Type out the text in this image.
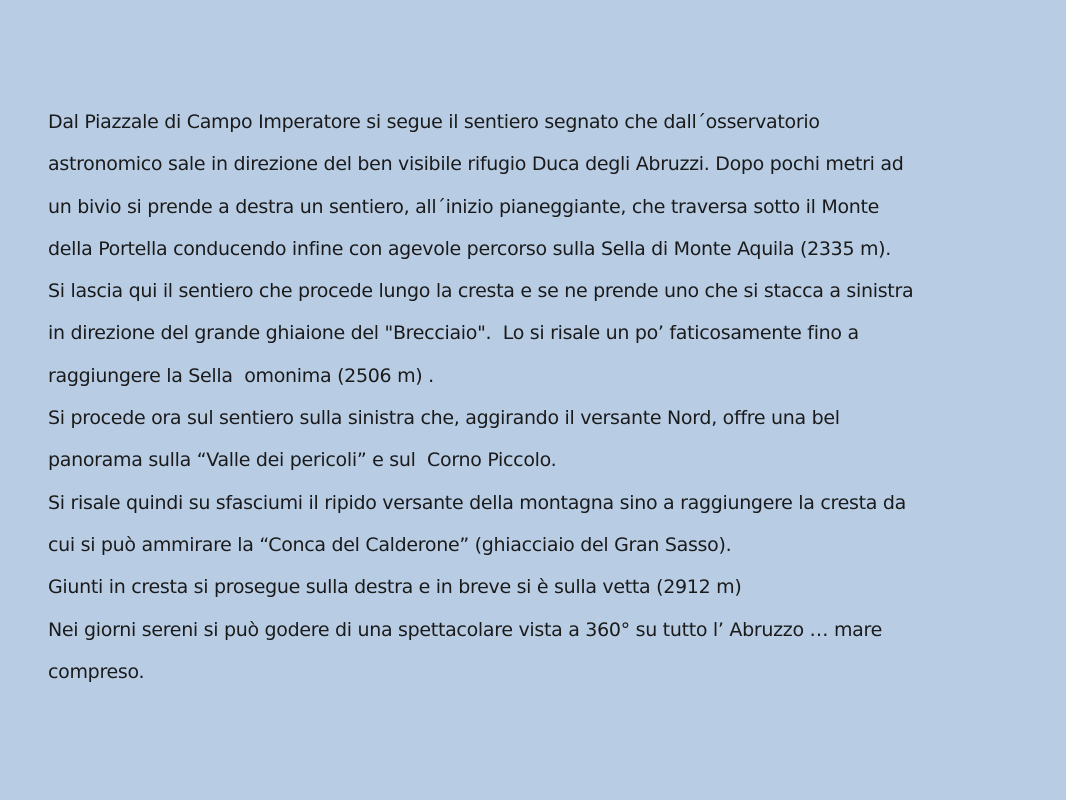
Dal Piazzale di Campo Imperatore si segue il sentiero segnato che dall´osservatorio
astronomico sale in direzione del ben visibile rifugio Duca degli Abruzzi. Dopo pochi metri ad
un bivio si prende a destra un sentiero, all´inizio pianeggiante, che traversa sotto il Monte
della Portella conducendo infine con agevole percorso sulla Sella di Monte Aquila (2335 m).
Si lascia qui il sentiero che procede lungo la cresta e se ne prende uno che si stacca a sinistra
in direzione del grande ghiaione del "Brecciaio".  Lo si risale un po’ faticosamente fino a
raggiungere la Sella  omonima (2506 m) .
Si procede ora sul sentiero sulla sinistra che, aggirando il versante Nord, offre una bel
panorama sulla “Valle dei pericoli” e sul  Corno Piccolo.
Si risale quindi su sfasciumi il ripido versante della montagna sino a raggiungere la cresta da
cui si può ammirare la “Conca del Calderone” (ghiacciaio del Gran Sasso).
Giunti in cresta si prosegue sulla destra e in breve si è sulla vetta (2912 m)
Nei giorni sereni si può godere di una spettacolare vista a 360° su tutto l’ Abruzzo … mare
compreso.
